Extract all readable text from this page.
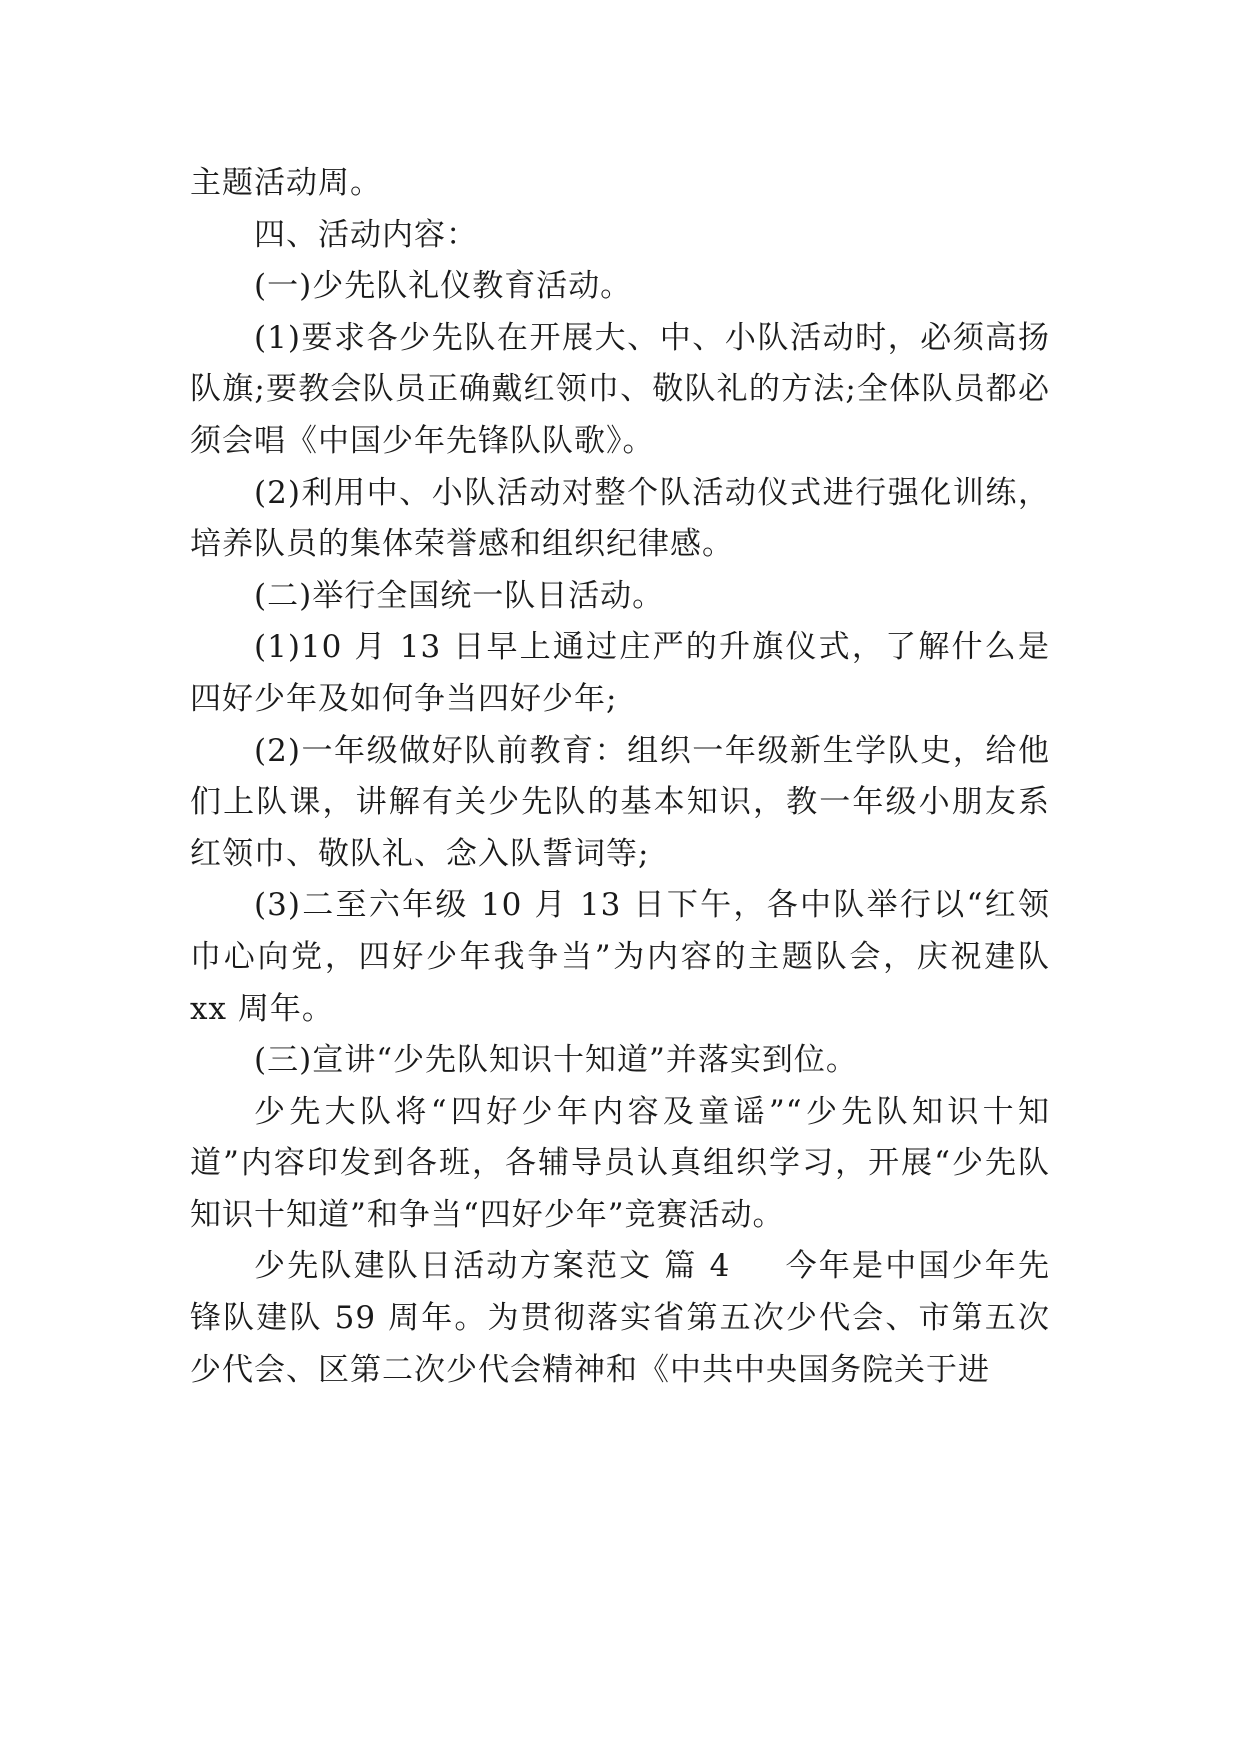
主题活动周。

四、活动内容：

(一)少先队礼仪教育活动。

(1)要求各少先队在开展大、中、小队活动时，必须高扬队旗;要教会队员正确戴红领巾、敬队礼的方法;全体队员都必须会唱《中国少年先锋队队歌》。

(2)利用中、小队活动对整个队活动仪式进行强化训练，培养队员的集体荣誉感和组织纪律感。

(二)举行全国统一队日活动。

(1)10 月 13 日早上通过庄严的升旗仪式，了解什么是四好少年及如何争当四好少年;

(2)一年级做好队前教育：组织一年级新生学队史，给他们上队课，讲解有关少先队的基本知识，教一年级小朋友系红领巾、敬队礼、念入队誓词等;

(3)二至六年级 10 月 13 日下午，各中队举行以“红领巾心向党，四好少年我争当”为内容的主题队会，庆祝建队 xx 周年。

(三)宣讲“少先队知识十知道”并落实到位。

少先大队将“四好少年内容及童谣”“少先队知识十知道”内容印发到各班，各辅导员认真组织学习，开展“少先队知识十知道”和争当“四好少年”竞赛活动。

少先队建队日活动方案范文 篇 4 今年是中国少年先锋队建队 59 周年。为贯彻落实省第五次少代会、市第五次少代会、区第二次少代会精神和《中共中央国务院关于进
